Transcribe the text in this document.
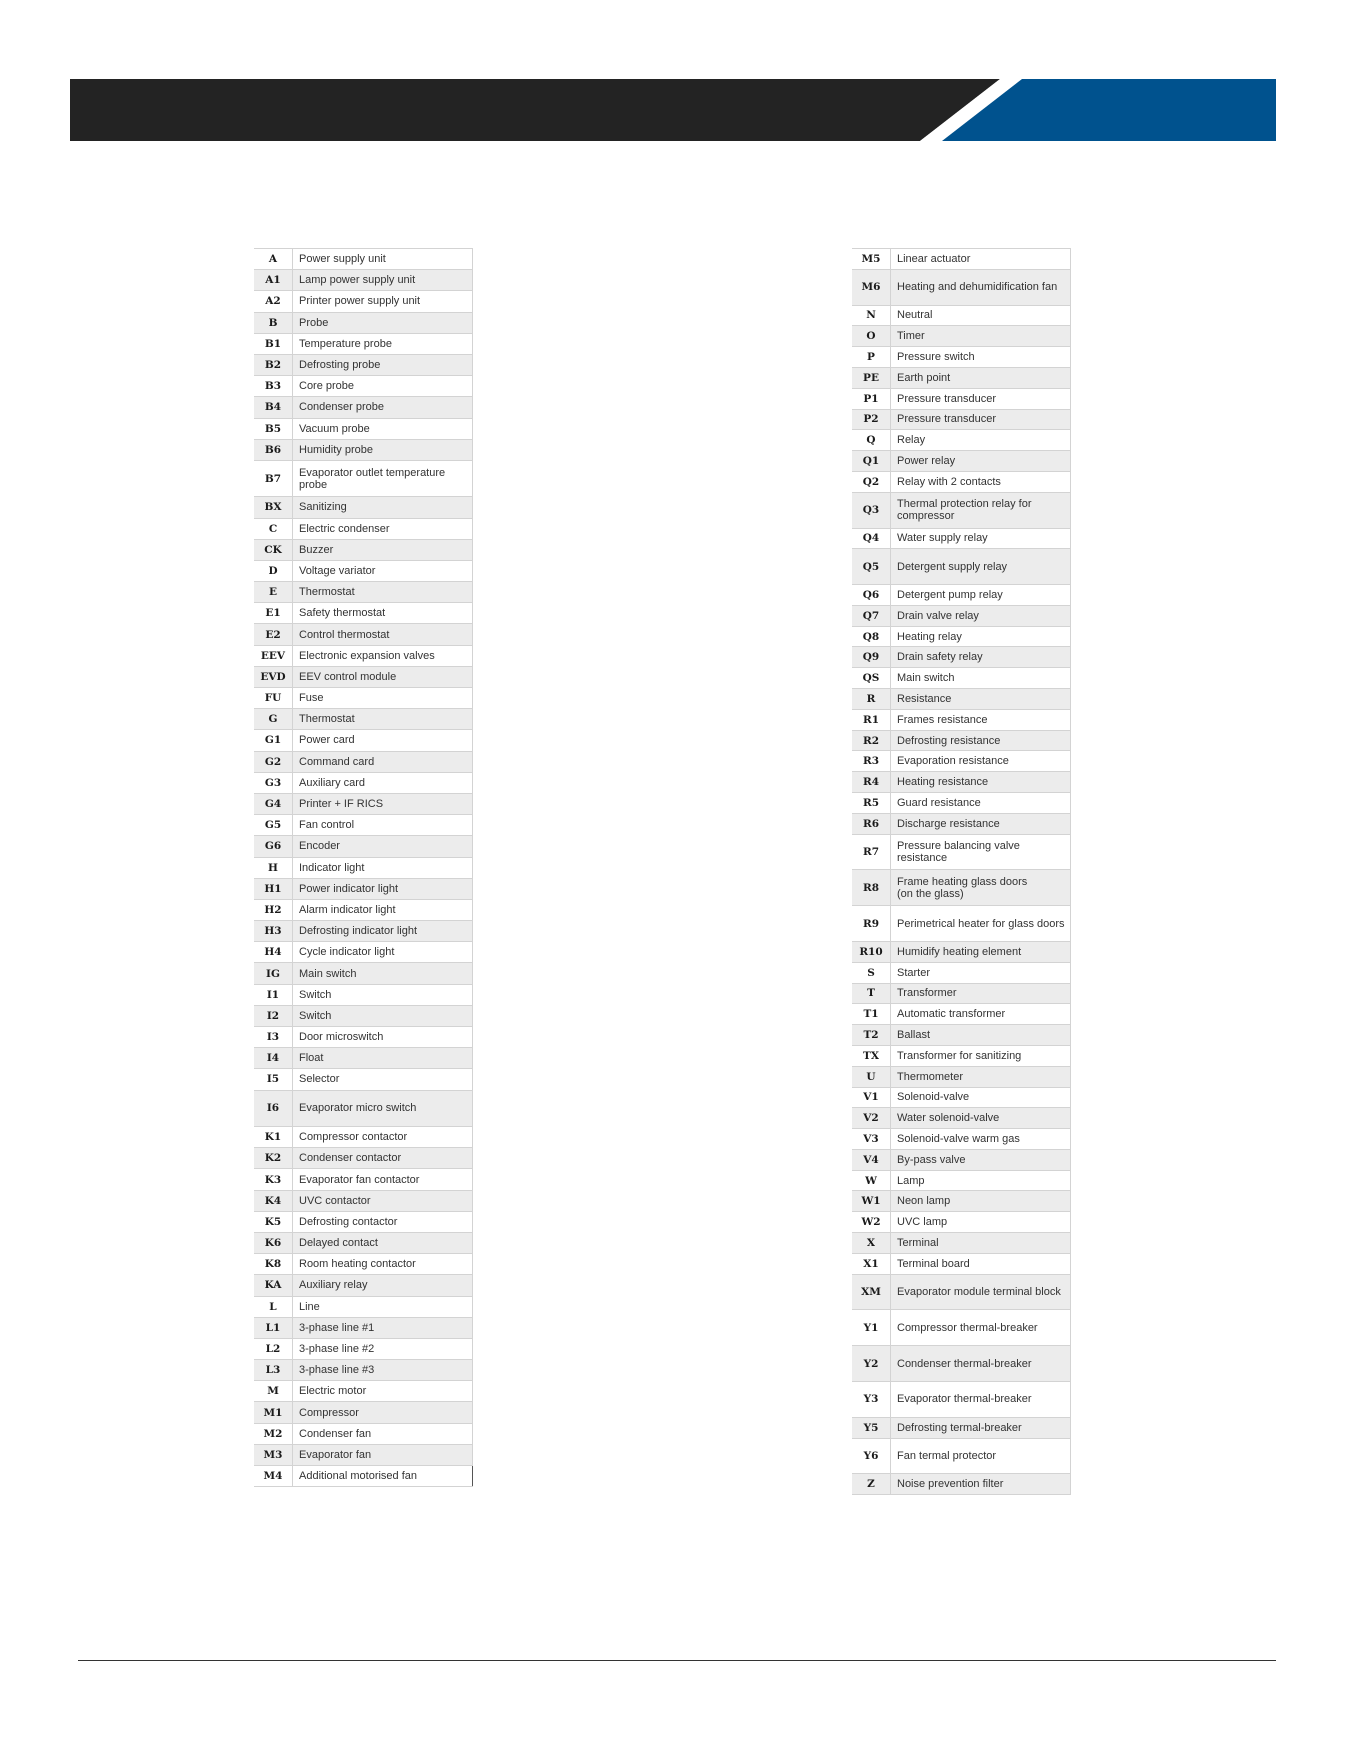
A	Power supply unit
A1	Lamp power supply unit
A2	Printer power supply unit
B	Probe
B1	Temperature probe
B2	Defrosting probe
B3	Core probe
B4	Condenser probe
B5	Vacuum probe
B6	Humidity probe
B7	Evaporator outlet temperature probe
BX	Sanitizing
C	Electric condenser
CK	Buzzer
D	Voltage variator
E	Thermostat
E1	Safety thermostat
E2	Control thermostat
EEV	Electronic expansion valves
EVD	EEV control module
FU	Fuse
G	Thermostat
G1	Power card
G2	Command card
G3	Auxiliary card
G4	Printer + IF RICS
G5	Fan control
G6	Encoder
H	Indicator light
H1	Power indicator light
H2	Alarm indicator light
H3	Defrosting indicator light
H4	Cycle indicator light
IG	Main switch
I1	Switch
I2	Switch
I3	Door microswitch
I4	Float
I5	Selector
I6	Evaporator micro switch
K1	Compressor contactor
K2	Condenser contactor
K3	Evaporator fan contactor
K4	UVC contactor
K5	Defrosting contactor
K6	Delayed contact
K8	Room heating contactor
KA	Auxiliary relay
L	Line
L1	3-phase line #1
L2	3-phase line #2
L3	3-phase line #3
M	Electric motor
M1	Compressor
M2	Condenser fan
M3	Evaporator fan
M4	Additional motorised fan
M5	Linear actuator
M6	Heating and dehumidification fan
N	Neutral
O	Timer
P	Pressure switch
PE	Earth point
P1	Pressure transducer
P2	Pressure transducer
Q	Relay
Q1	Power relay
Q2	Relay with 2 contacts
Q3	Thermal protection relay for
compressor
Q4	Water supply relay
Q5	Detergent supply relay
Q6	Detergent pump relay
Q7	Drain valve relay
Q8	Heating relay
Q9	Drain safety relay
QS	Main switch
R	Resistance
R1	Frames resistance
R2	Defrosting resistance
R3	Evaporation resistance
R4	Heating resistance
R5	Guard resistance
R6	Discharge resistance
R7	Pressure balancing valve
resistance
R8	Frame heating glass doors
(on the glass)
R9	Perimetrical heater for glass doors
R10	Humidify heating element
S	Starter
T	Transformer
T1	Automatic transformer
T2	Ballast
TX	Transformer for sanitizing
U	Thermometer
V1	Solenoid-valve
V2	Water solenoid-valve
V3	Solenoid-valve warm gas
V4	By-pass valve
W	Lamp
W1	Neon lamp
W2	UVC lamp
X	Terminal
X1	Terminal board
XM	Evaporator module terminal block
Y1	Compressor thermal-breaker
Y2	Condenser thermal-breaker
Y3	Evaporator thermal-breaker
Y5	Defrosting termal-breaker
Y6	Fan termal protector
Z	Noise prevention filter
